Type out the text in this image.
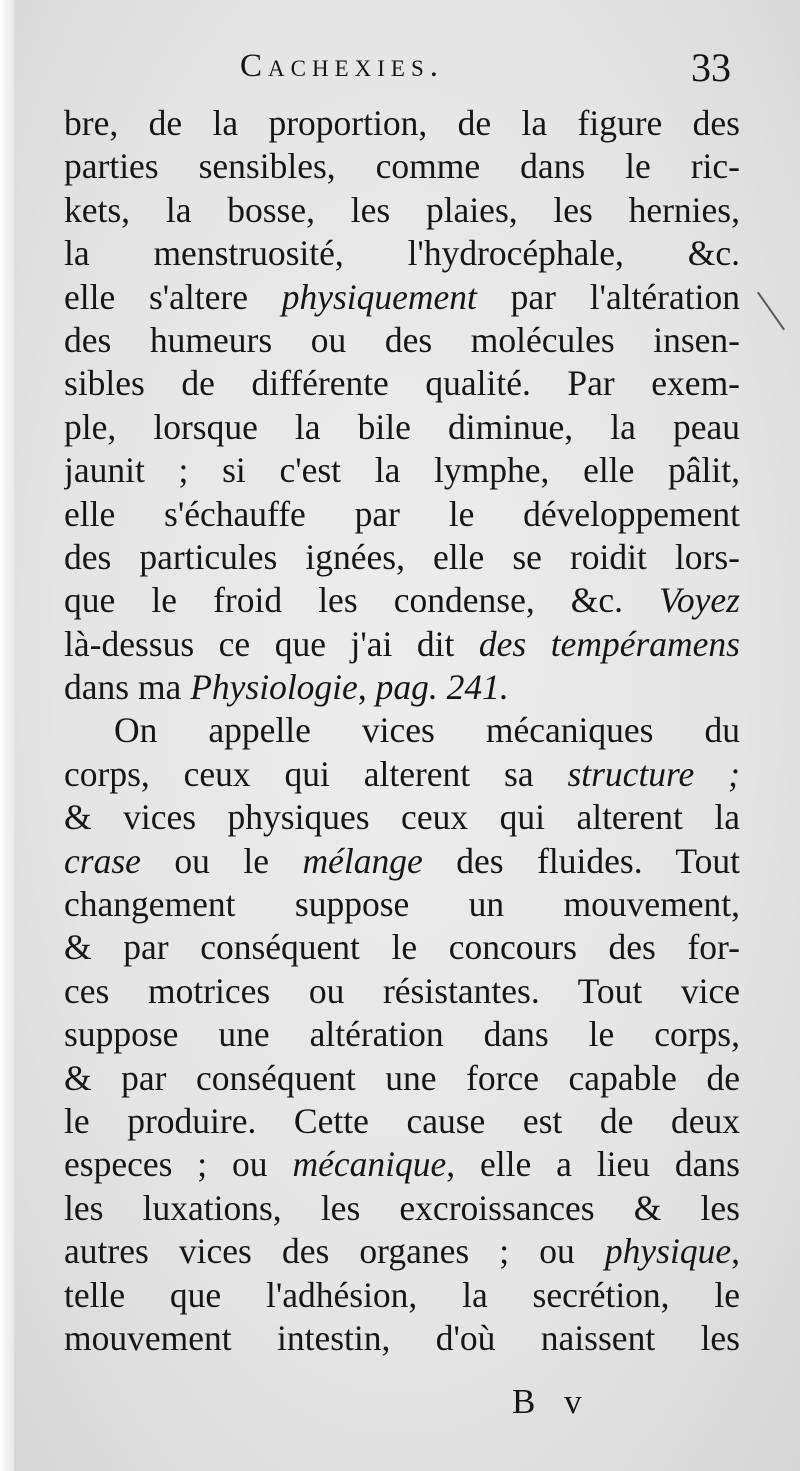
Cachexies.	33
bre, de la proportion, de la figure des
parties sensibles, comme dans le ric-
kets, la bosse, les plaies, les hernies,
la menstruosité, l'hydrocéphale, &c.
elle s'altere physiquement par l'altération
des humeurs ou des molécules insen-
sibles de différente qualité. Par exem-
ple, lorsque la bile diminue, la peau
jaunit ; si c'est la lymphe, elle pâlit,
elle s'échauffe par le développement
des particules ignées, elle se roidit lors-
que le froid les condense, &c. Voyez
là-dessus ce que j'ai dit des tempéramens
dans ma Physiologie, pag. 241.
On appelle vices mécaniques du
corps, ceux qui alterent sa structure ;
& vices physiques ceux qui alterent la
crase ou le mélange des fluides. Tout
changement suppose un mouvement,
& par conséquent le concours des for-
ces motrices ou résistantes. Tout vice
suppose une altération dans le corps,
& par conséquent une force capable de
le produire. Cette cause est de deux
especes ; ou mécanique, elle a lieu dans
les luxations, les excroissances & les
autres vices des organes ; ou physique,
telle que l'adhésion, la secrétion, le
mouvement intestin, d'où naissent les
B v
